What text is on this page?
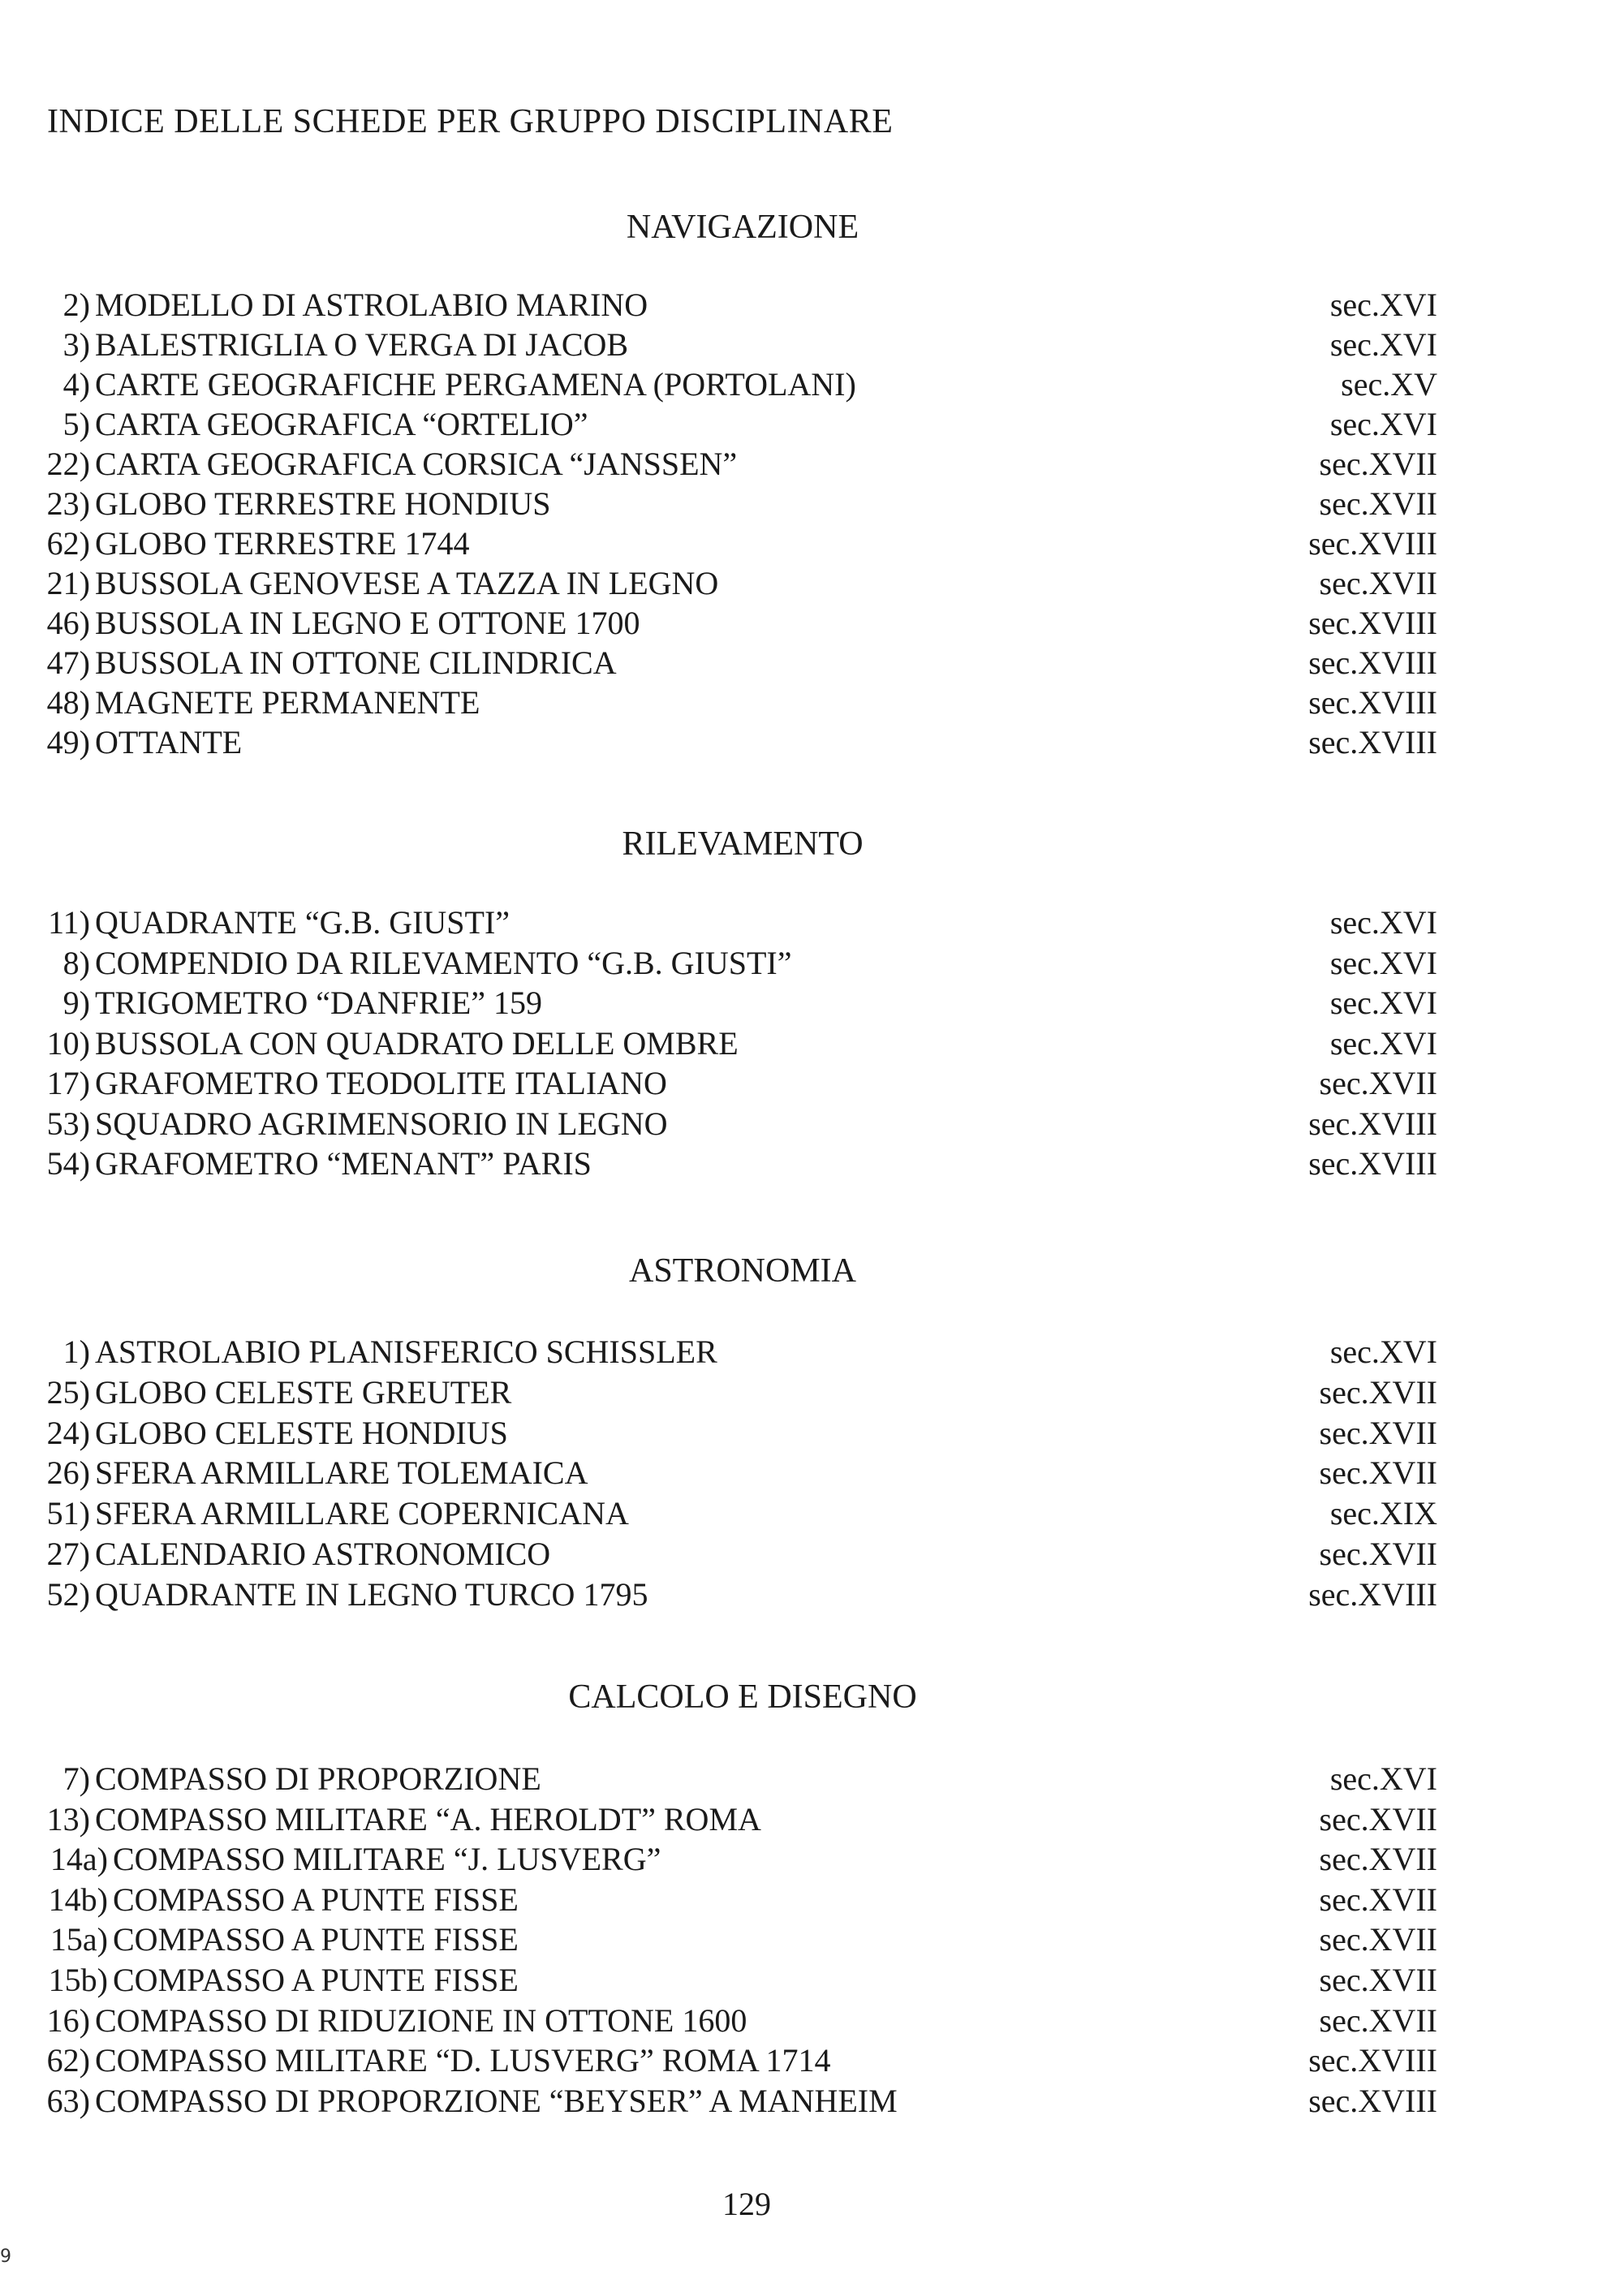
INDICE DELLE SCHEDE PER GRUPPO DISCIPLINARE
NAVIGAZIONE
2) MODELLO DI ASTROLABIO MARINO	sec.XVI
3) BALESTRIGLIA O VERGA DI JACOB	sec.XVI
4) CARTE GEOGRAFICHE PERGAMENA (PORTOLANI)	sec.XV
5) CARTA GEOGRAFICA “ORTELIO”	sec.XVI
22) CARTA GEOGRAFICA CORSICA “JANSSEN”	sec.XVII
23) GLOBO TERRESTRE HONDIUS	sec.XVII
62) GLOBO TERRESTRE 1744	sec.XVIII
21) BUSSOLA GENOVESE A TAZZA IN LEGNO	sec.XVII
46) BUSSOLA IN LEGNO E OTTONE 1700	sec.XVIII
47) BUSSOLA IN OTTONE CILINDRICA	sec.XVIII
48) MAGNETE PERMANENTE	sec.XVIII
49) OTTANTE	sec.XVIII
RILEVAMENTO
11) QUADRANTE “G.B. GIUSTI”	sec.XVI
8) COMPENDIO DA RILEVAMENTO “G.B. GIUSTI”	sec.XVI
9) TRIGOMETRO “DANFRIE” 159	sec.XVI
10) BUSSOLA CON QUADRATO DELLE OMBRE	sec.XVI
17) GRAFOMETRO TEODOLITE ITALIANO	sec.XVII
53) SQUADRO AGRIMENSORIO IN LEGNO	sec.XVIII
54) GRAFOMETRO “MENANT” PARIS	sec.XVIII
ASTRONOMIA
1) ASTROLABIO PLANISFERICO SCHISSLER	sec.XVI
25) GLOBO CELESTE GREUTER	sec.XVII
24) GLOBO CELESTE HONDIUS	sec.XVII
26) SFERA ARMILLARE TOLEMAICA	sec.XVII
51) SFERA ARMILLARE COPERNICANA	sec.XIX
27) CALENDARIO ASTRONOMICO	sec.XVII
52) QUADRANTE IN LEGNO TURCO 1795	sec.XVIII
CALCOLO E DISEGNO
7) COMPASSO DI PROPORZIONE	sec.XVI
13) COMPASSO MILITARE “A. HEROLDT” ROMA	sec.XVII
14a) COMPASSO MILITARE “J. LUSVERG”	sec.XVII
14b) COMPASSO A PUNTE FISSE	sec.XVII
15a) COMPASSO A PUNTE FISSE	sec.XVII
15b) COMPASSO A PUNTE FISSE	sec.XVII
16) COMPASSO DI RIDUZIONE IN OTTONE 1600	sec.XVII
62) COMPASSO MILITARE “D. LUSVERG” ROMA 1714	sec.XVIII
63) COMPASSO DI PROPORZIONE “BEYSER” A MANHEIM	sec.XVIII
129
9
